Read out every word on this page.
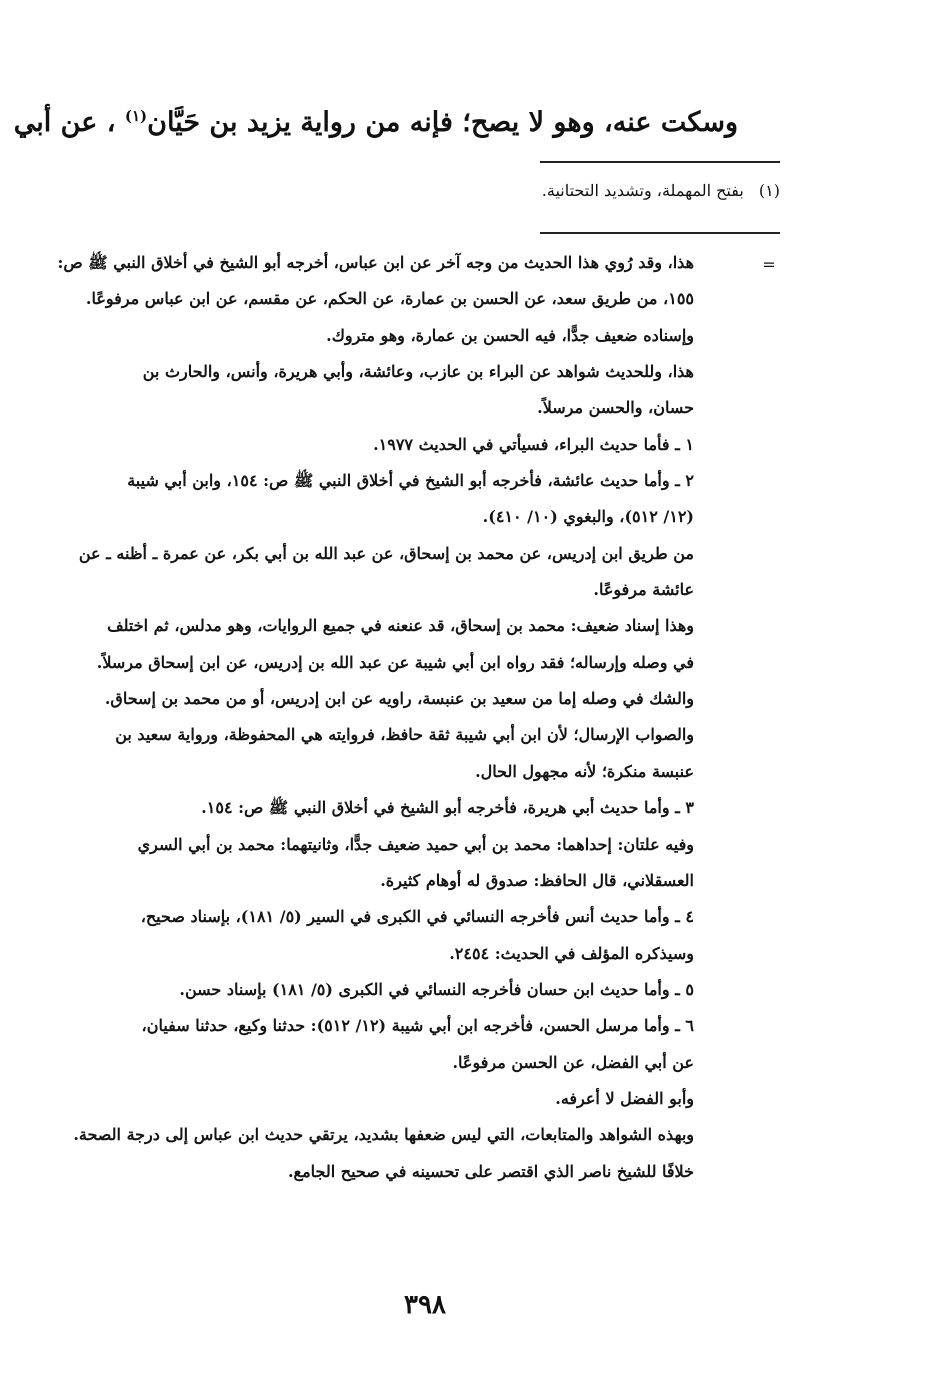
وسكت عنه، وهو لا يصح؛ فإنه من رواية يزيد بن حَيَّان$^{(١)}$ ، عن أبي
(١) بفتح المهملة، وتشديد التحتانية.
=
هذا، وقد رُوي هذا الحديث من وجه آخر عن ابن عباس، أخرجه أبو الشيخ في أخلاق النبي ﷺ ص:
١٥٥، من طريق سعد، عن الحسن بن عمارة، عن الحكم، عن مقسم، عن ابن عباس مرفوعًا.
وإسناده ضعيف جدًّا، فيه الحسن بن عمارة، وهو متروك.
هذا، وللحديث شواهد عن البراء بن عازب، وعائشة، وأبي هريرة، وأنس، والحارث بن
حسان، والحسن مرسلاً.
١ ـ فأما حديث البراء، فسيأتي في الحديث ١٩٧٧.
٢ ـ وأما حديث عائشة، فأخرجه أبو الشيخ في أخلاق النبي ﷺ ص: ١٥٤، وابن أبي شيبة
(١٢/ ٥١٢)، والبغوي (١٠/ ٤١٠).
من طريق ابن إدريس، عن محمد بن إسحاق، عن عبد الله بن أبي بكر، عن عمرة ـ أظنه ـ عن
عائشة مرفوعًا.
وهذا إسناد ضعيف: محمد بن إسحاق، قد عنعنه في جميع الروايات، وهو مدلس، ثم اختلف
في وصله وإرساله؛ فقد رواه ابن أبي شيبة عن عبد الله بن إدريس، عن ابن إسحاق مرسلاً.
والشك في وصله إما من سعيد بن عنبسة، راويه عن ابن إدريس، أو من محمد بن إسحاق.
والصواب الإرسال؛ لأن ابن أبي شيبة ثقة حافظ، فروايته هي المحفوظة، ورواية سعيد بن
عنبسة منكرة؛ لأنه مجهول الحال.
٣ ـ وأما حديث أبي هريرة، فأخرجه أبو الشيخ في أخلاق النبي ﷺ ص: ١٥٤.
وفيه علتان: إحداهما: محمد بن أبي حميد ضعيف جدًّا، وثانيتهما: محمد بن أبي السري
العسقلاني، قال الحافظ: صدوق له أوهام كثيرة.
٤ ـ وأما حديث أنس فأخرجه النسائي في الكبرى في السير (٥/ ١٨١)، بإسناد صحيح،
وسيذكره المؤلف في الحديث: ٢٤٥٤.
٥ ـ وأما حديث ابن حسان فأخرجه النسائي في الكبرى (٥/ ١٨١) بإسناد حسن.
٦ ـ وأما مرسل الحسن، فأخرجه ابن أبي شيبة (١٢/ ٥١٢): حدثنا وكيع، حدثنا سفيان،
عن أبي الفضل، عن الحسن مرفوعًا.
وأبو الفضل لا أعرفه.
وبهذه الشواهد والمتابعات، التي ليس ضعفها بشديد، يرتقي حديث ابن عباس إلى درجة الصحة.
خلافًا للشيخ ناصر الذي اقتصر على تحسينه في صحيح الجامع.
٣٩٨
